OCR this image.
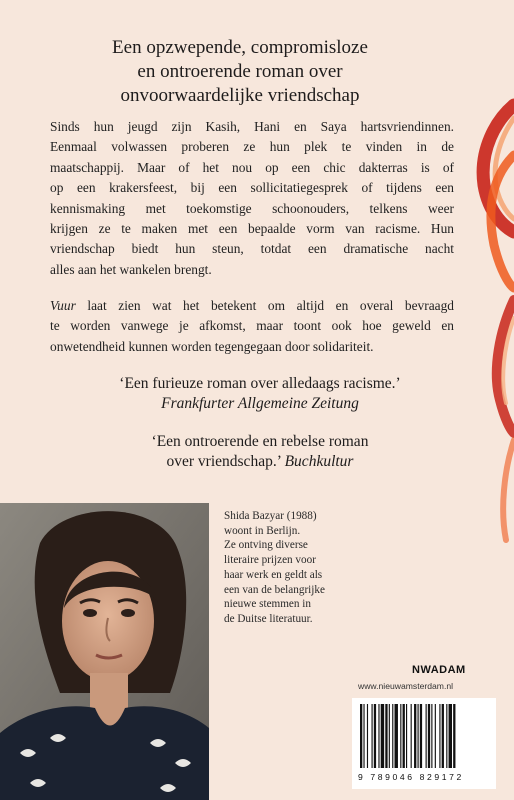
Een opzwepende, compromisloze
en ontroerende roman over
onvoorwaardelijke vriendschap
Sinds hun jeugd zijn Kasih, Hani en Saya hartsvriendinnen.
Eenmaal volwassen proberen ze hun plek te vinden in de
maatschappij. Maar of het nou op een chic dakterras is of
op een krakersfeest, bij een sollicitatiegesprek of tijdens een
kennismaking met toekomstige schoonouders, telkens weer
krijgen ze te maken met een bepaalde vorm van racisme. Hun
vriendschap biedt hun steun, totdat een dramatische nacht
alles aan het wankelen brengt.
Vuur laat zien wat het betekent om altijd en overal bevraagd
te worden vanwege je afkomst, maar toont ook hoe geweld en
onwetendheid kunnen worden tegengegaan door solidariteit.
‘Een furieuze roman over alledaags racisme.’
Frankfurter Allgemeine Zeitung
‘Een ontroerende en rebelse roman
over vriendschap.’ Buchkultur
Shida Bazyar (1988)
woont in Berlijn.
Ze ontving diverse
literaire prijzen voor
haar werk en geldt als
een van de belangrijke
nieuwe stemmen in
de Duitse literatuur.
NWADAM
www.nieuwamsterdam.nl
9 789046 829172
